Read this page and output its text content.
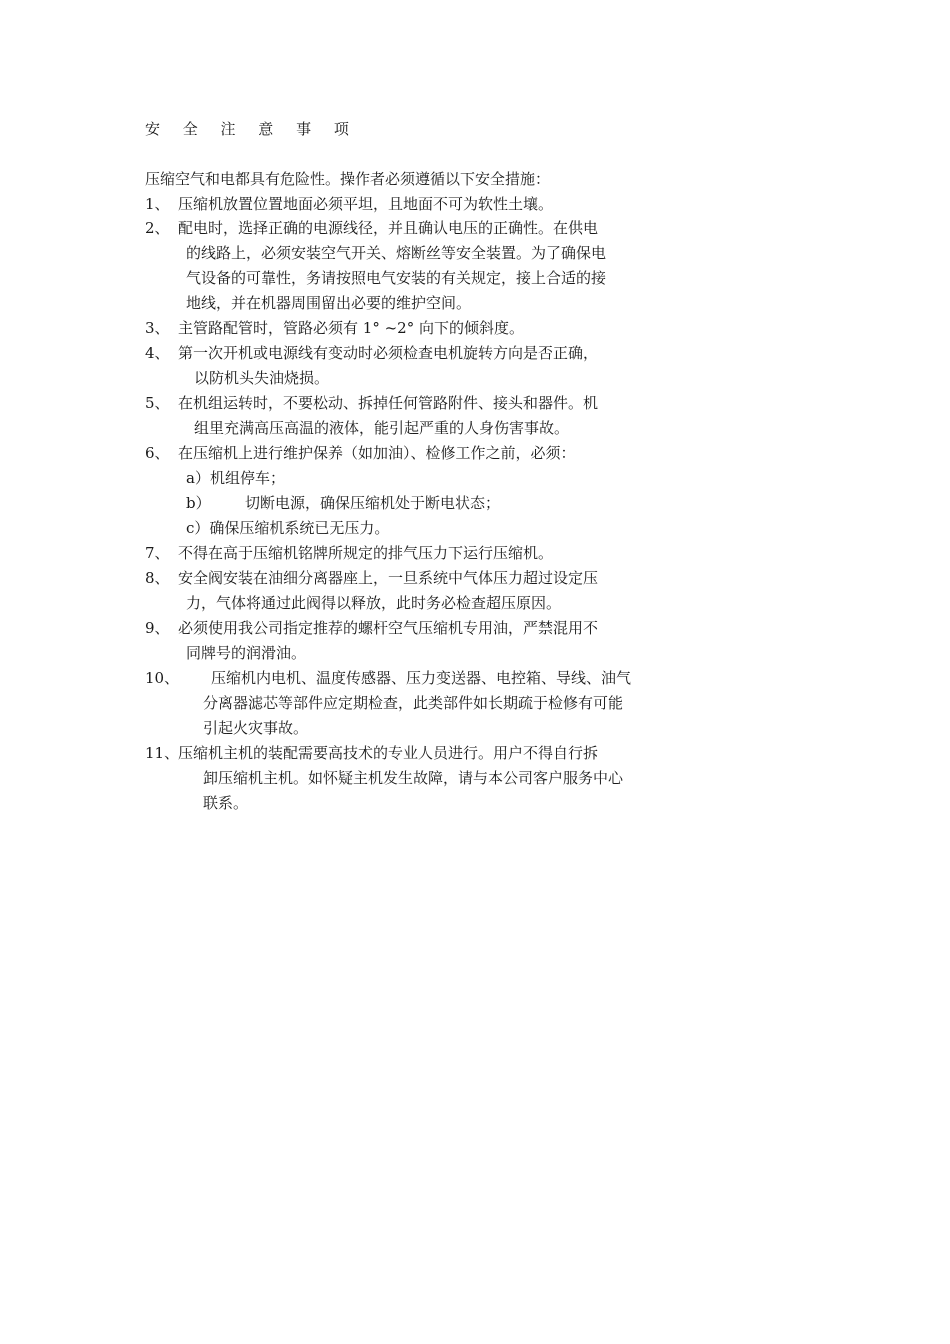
安 全 注 意 事 项
压缩空气和电都具有危险性。操作者必须遵循以下安全措施：
1、 压缩机放置位置地面必须平坦，且地面不可为软性土壤。
2、 配电时，选择正确的电源线径，并且确认电压的正确性。在供电
的线路上，必须安装空气开关、熔断丝等安全装置。为了确保电
气设备的可靠性，务请按照电气安装的有关规定，接上合适的接
地线，并在机器周围留出必要的维护空间。
3、 主管路配管时，管路必须有 1° ~2° 向下的倾斜度。
4、 第一次开机或电源线有变动时必须检查电机旋转方向是否正确，
以防机头失油烧损。
5、 在机组运转时，不要松动、拆掉任何管路附件、接头和器件。机
组里充满高压高温的液体，能引起严重的人身伤害事故。
6、 在压缩机上进行维护保养（如加油）、检修工作之前，必须：
a）机组停车；
b） 切断电源，确保压缩机处于断电状态；
c）确保压缩机系统已无压力。
7、 不得在高于压缩机铭牌所规定的排气压力下运行压缩机。
8、 安全阀安装在油细分离器座上，一旦系统中气体压力超过设定压
力，气体将通过此阀得以释放，此时务必检查超压原因。
9、 必须使用我公司指定推荐的螺杆空气压缩机专用油，严禁混用不
同牌号的润滑油。
10、 压缩机内电机、温度传感器、压力变送器、电控箱、导线、油气
分离器滤芯等部件应定期检查，此类部件如长期疏于检修有可能
引起火灾事故。
11、
压缩机主机的装配需要高技术的专业人员进行。用户不得自行拆
卸压缩机主机。如怀疑主机发生故障，请与本公司客户服务中心
联系。
